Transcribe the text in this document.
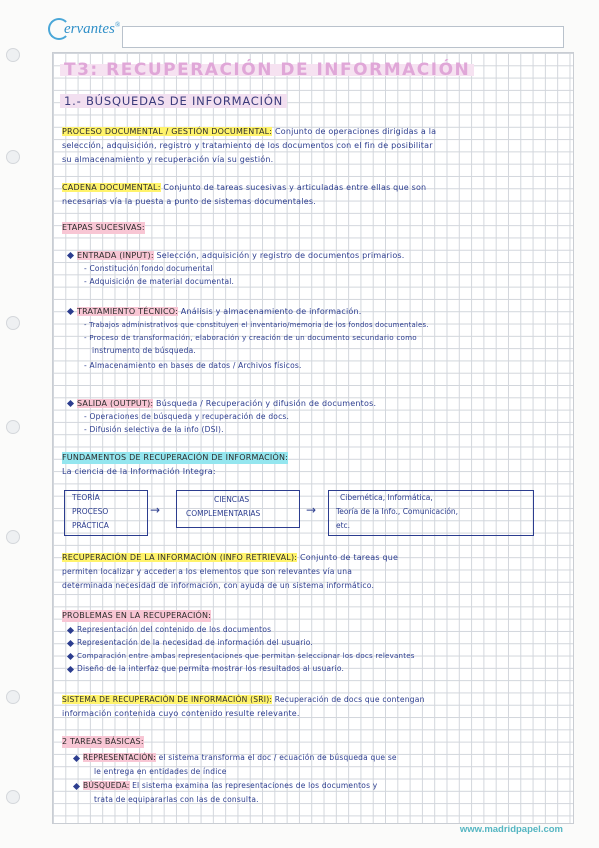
ervantes®
T3: RECUPERACIÓN DE INFORMACIÓN
1.- BÚSQUEDAS DE INFORMACIÓN
PROCESO DOCUMENTAL / GESTIÓN DOCUMENTAL: Conjunto de operaciones dirigidas a la
selección, adquisición, registro y tratamiento de los documentos con el fin de posibilitar
su almacenamiento y recuperación vía su gestión.
CADENA DOCUMENTAL: Conjunto de tareas sucesivas y articuladas entre ellas que son
necesarias vía la puesta a punto de sistemas documentales.
ETAPAS SUCESIVAS:
ENTRADA (INPUT): Selección, adquisición y registro de documentos primarios.
- Constitución fondo documental
- Adquisición de material documental.
TRATAMIENTO TÉCNICO: Análisis y almacenamiento de información.
- Trabajos administrativos que constituyen el inventario/memoria de los fondos documentales.
- Proceso de transformación, elaboración y creación de un documento secundario como
instrumento de búsqueda.
- Almacenamiento en bases de datos / Archivos físicos.
SALIDA (OUTPUT): Búsqueda / Recuperación y difusión de documentos.
- Operaciones de búsqueda y recuperación de docs.
- Difusión selectiva de la info (DSI).
FUNDAMENTOS DE RECUPERACIÓN DE INFORMACIÓN:
La ciencia de la Información Integra:
TEORÍA
PROCESO
PRÁCTICA
→
CIENCIAS
COMPLEMENTARIAS	→
Cibernética, Informática,
Teoría de la Info., Comunicación,
etc.
RECUPERACIÓN DE LA INFORMACIÓN (INFO RETRIEVAL): Conjunto de tareas que
permiten localizar y acceder a los elementos que son relevantes vía una
determinada necesidad de información, con ayuda de un sistema informático.
PROBLEMAS EN LA RECUPERACIÓN:
Representación del contenido de los documentos
Representación de la necesidad de información del usuario.
Comparación entre ambas representaciones que permitan seleccionar los docs relevantes
Diseño de la interfaz que permita mostrar los resultados al usuario.
SISTEMA DE RECUPERACIÓN DE INFORMACIÓN (SRI): Recuperación de docs que contengan
información contenida cuyo contenido resulte relevante.
2 TAREAS BÁSICAS:
REPRESENTACIÓN: el sistema transforma el doc / ecuación de búsqueda que se
le entrega en entidades de índice
BÚSQUEDA: El sistema examina las representaciones de los documentos y
trata de equipararlas con las de consulta.
www.madridpapel.com
